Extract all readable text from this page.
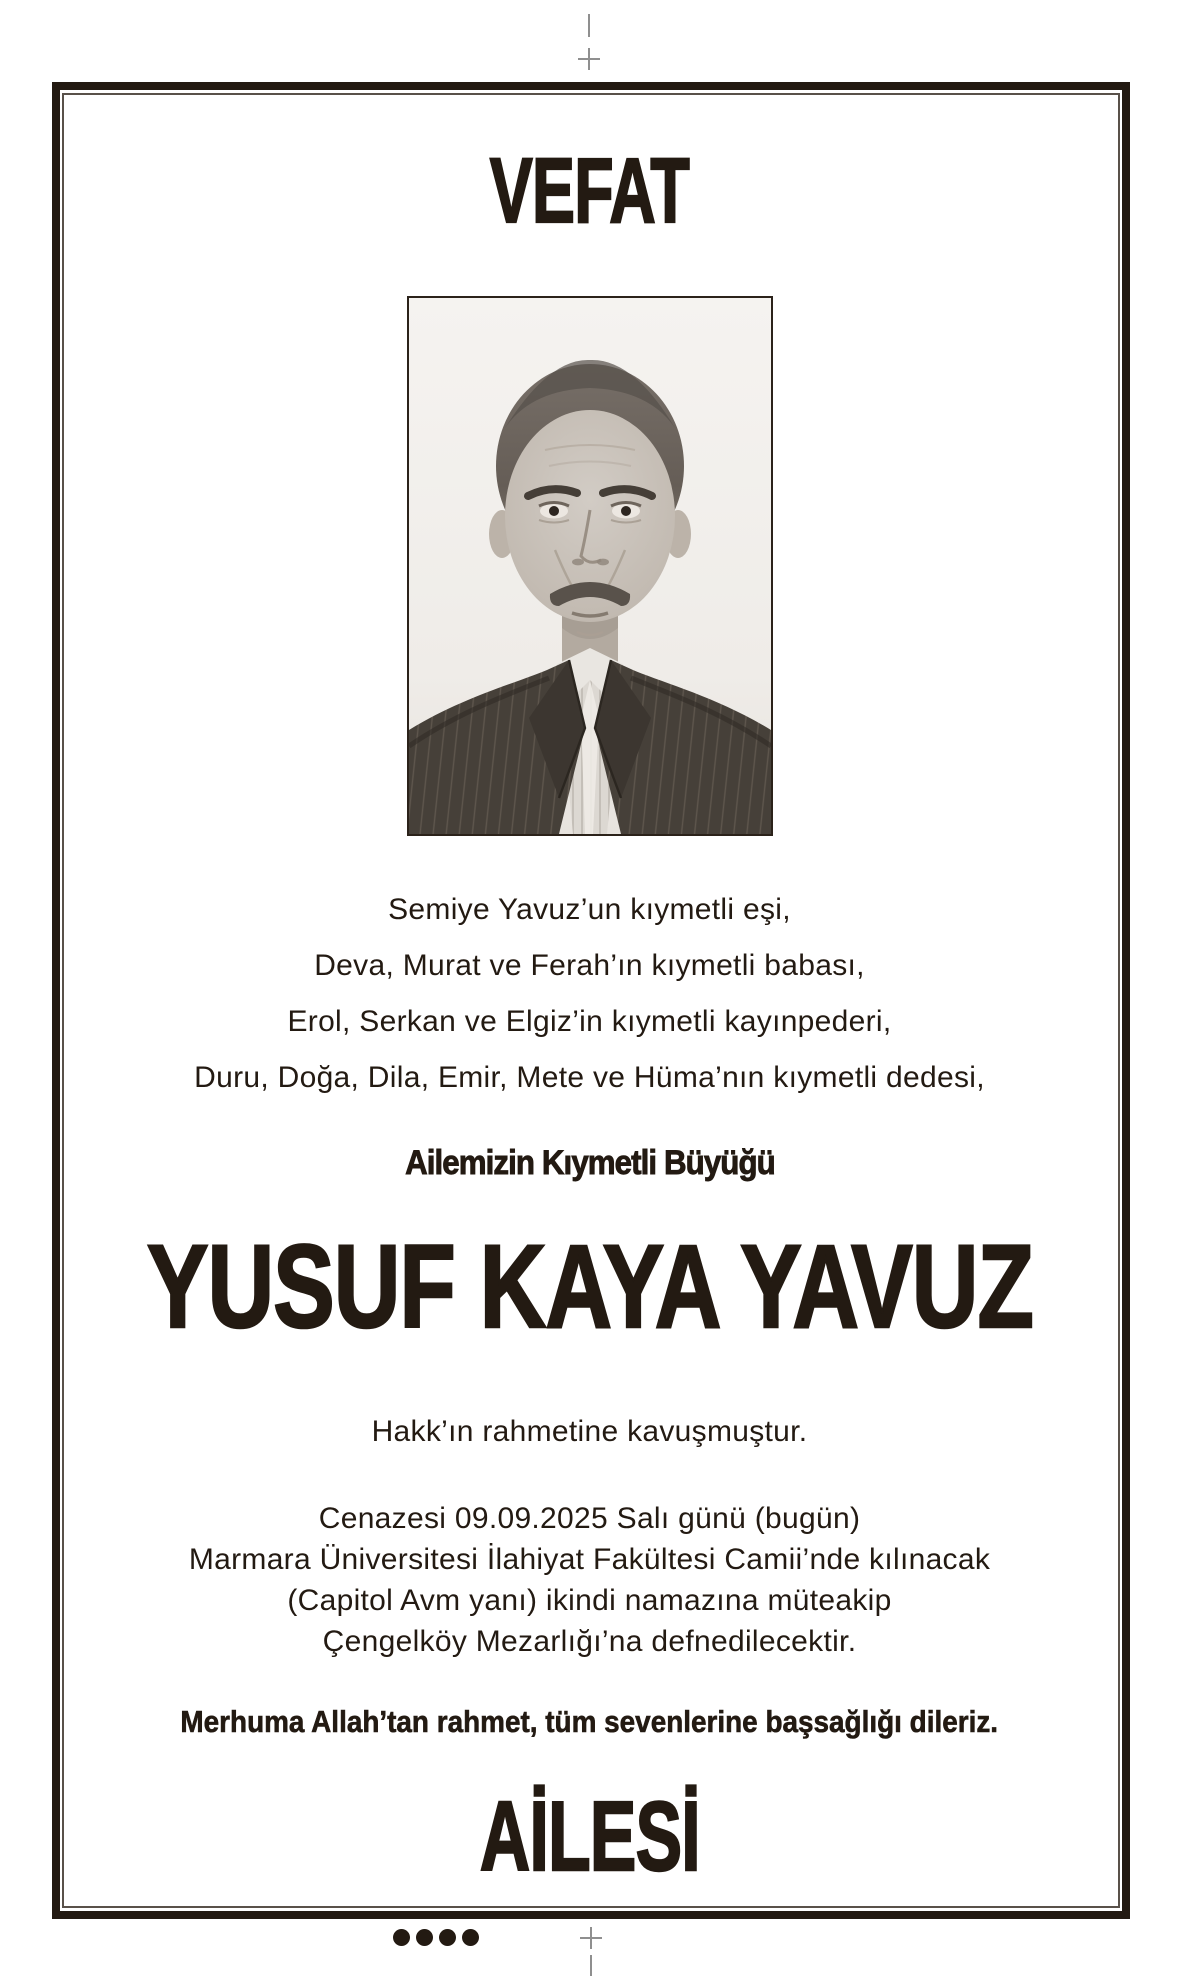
VEFAT
Semiye Yavuz’un kıymetli eşi,
Deva, Murat ve Ferah’ın kıymetli babası,
Erol, Serkan ve Elgiz’in kıymetli kayınpederi,
Duru, Doğa, Dila, Emir, Mete ve Hüma’nın kıymetli dedesi,
Ailemizin Kıymetli Büyüğü
YUSUF KAYA YAVUZ
Hakk’ın rahmetine kavuşmuştur.
Cenazesi 09.09.2025 Salı günü (bugün)
Marmara Üniversitesi İlahiyat Fakültesi Camii’nde kılınacak
(Capitol Avm yanı) ikindi namazına müteakip
Çengelköy Mezarlığı’na defnedilecektir.
Merhuma Allah’tan rahmet, tüm sevenlerine başsağlığı dileriz.
AİLESİ
